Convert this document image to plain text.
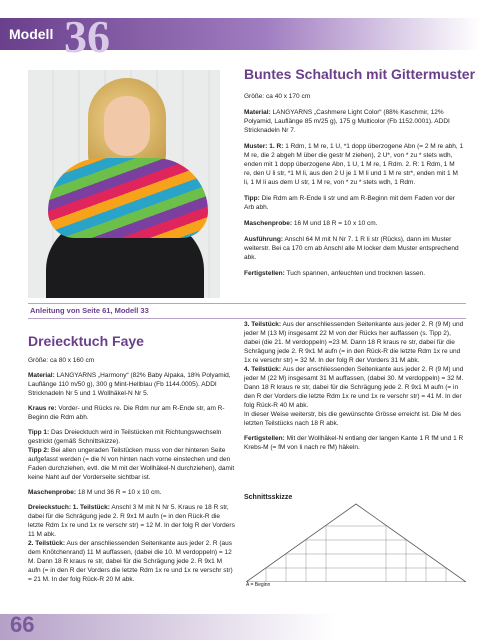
Modell 36
Buntes Schaltuch mit Gittermuster

Größe: ca 40 x 170 cm

Material: LANGYARNS „Cashmere Light Color“ (88% Kaschmir, 12% Polyamid, Lauflänge 85 m/25 g), 175 g Multicolor (Fb 1152.0001). ADDI Stricknadeln Nr 7.

Muster: 1. R: 1 Rdm, 1 M re, 1 U, *1 dopp überzogene Abn (= 2 M re abh, 1 M re, die 2 abgeh M über die gestr M ziehen), 2 U*, von * zu * stets wdh, enden mit 1 dopp überzogene Abn, 1 U, 1 M re, 1 Rdm. 2. R: 1 Rdm, 1 M re, den U li str, *1 M li, aus den 2 U je 1 M li und 1 M re str*, enden mit 1 M li, 1 M li aus dem U str, 1 M re, von * zu * stets wdh, 1 Rdm.

Tipp: Die Rdm am R-Ende li str und am R-Beginn mit dem Faden vor der Arb abh.

Maschenprobe: 16 M und 18 R = 10 x 10 cm.

Ausführung: Anschl 64 M mit N Nr 7. 1 R li str (Rücks), dann im Muster weiterstr. Bei ca 170 cm ab Anschl alle M locker dem Muster entsprechend abk.

Fertigstellen: Tuch spannen, anfeuchten und trocknen lassen.

Anleitung von Seite 61, Modell 33
Dreiecktuch Faye

Größe: ca 80 x 160 cm

Material: LANGYARNS „Harmony“ (82% Baby Alpaka, 18% Polyamid, Lauflänge 110 m/50 g), 300 g Mint-Hellblau (Fb 1144.0005). ADDI Stricknadeln Nr 5 und 1 Wollhäkel-N Nr 5.

Kraus re: Vorder- und Rücks re. Die Rdm nur am R-Ende str, am R-Beginn die Rdm abh.

Tipp 1: Das Dreiecktuch wird in Teilstücken mit Richtungswechseln gestrickt (gemäß Schnittskizze).

Tipp 2: Bei allen ungeraden Teilstücken muss von der hinteren Seite aufgefasst werden (= die N von hinten nach vorne einstechen und den Faden durchziehen, evtl. die M mit der Wollhäkel-N durchziehen), damit keine Naht auf der Vorderseite sichtbar ist.

Maschenprobe: 18 M und 36 R = 10 x 10 cm.

Dreieckstuch: 1. Teilstück: Anschl 3 M mit N Nr 5. Kraus re 18 R str, dabei für die Schrägung jede 2. R 9x1 M aufn (= in den Rück-R die letzte Rdm 1x re und 1x re verschr str) = 12 M. In der folg R der Vorders 11 M abk.

2. Teilstück: Aus der anschliessenden Seitenkante aus jeder 2. R (aus dem Knötchenrand) 11 M auffassen, (dabei die 10. M verdoppeln) = 12 M. Dann 18 R kraus re str, dabei für die Schrägung jede 2. R 9x1 M aufn (= in den R der Vorders die letzte Rdm 1x re und 1x re verschr str) = 21 M. In der folg Rück-R 20 M abk.

3. Teilstück: Aus der anschliessenden Seitenkante aus jeder 2. R (9 M) und jeder M (13 M) insgesamt 22 M von der Rücks her auffassen (s. Tipp 2), dabei (die 21. M verdoppeln) =23 M. Dann 18 R kraus re str, dabei für die Schrägung jede 2. R 9x1 M aufn (= in den Rück-R die letzte Rdm 1x re und 1x re verschr str) = 32 M. In der folg R der Vorders 31 M abk.

4. Teilstück: Aus der anschliessenden Seitenkante aus jeder 2. R (9 M) und jeder M (22 M) insgesamt 31 M auffassen, (dabei 30. M verdoppeln) = 32 M. Dann 18 R kraus re str, dabei für die Schrägung jede 2. R 9x1 M aufn (= in den R der Vorders die letzte Rdm 1x re und 1x re verschr str) = 41 M. In der folg Rück-R 40 M abk.

In dieser Weise weiterstr, bis die gewünschte Grösse erreicht ist. Die M des letzten Teilstücks nach 18 R abk.

Fertigstellen: Mit der Wollhäkel-N entlang der langen Kante 1 R fM und 1 R Krebs-M (= fM von li nach re fM) häkeln.

Schnittsskizze
A = Beginn
66
